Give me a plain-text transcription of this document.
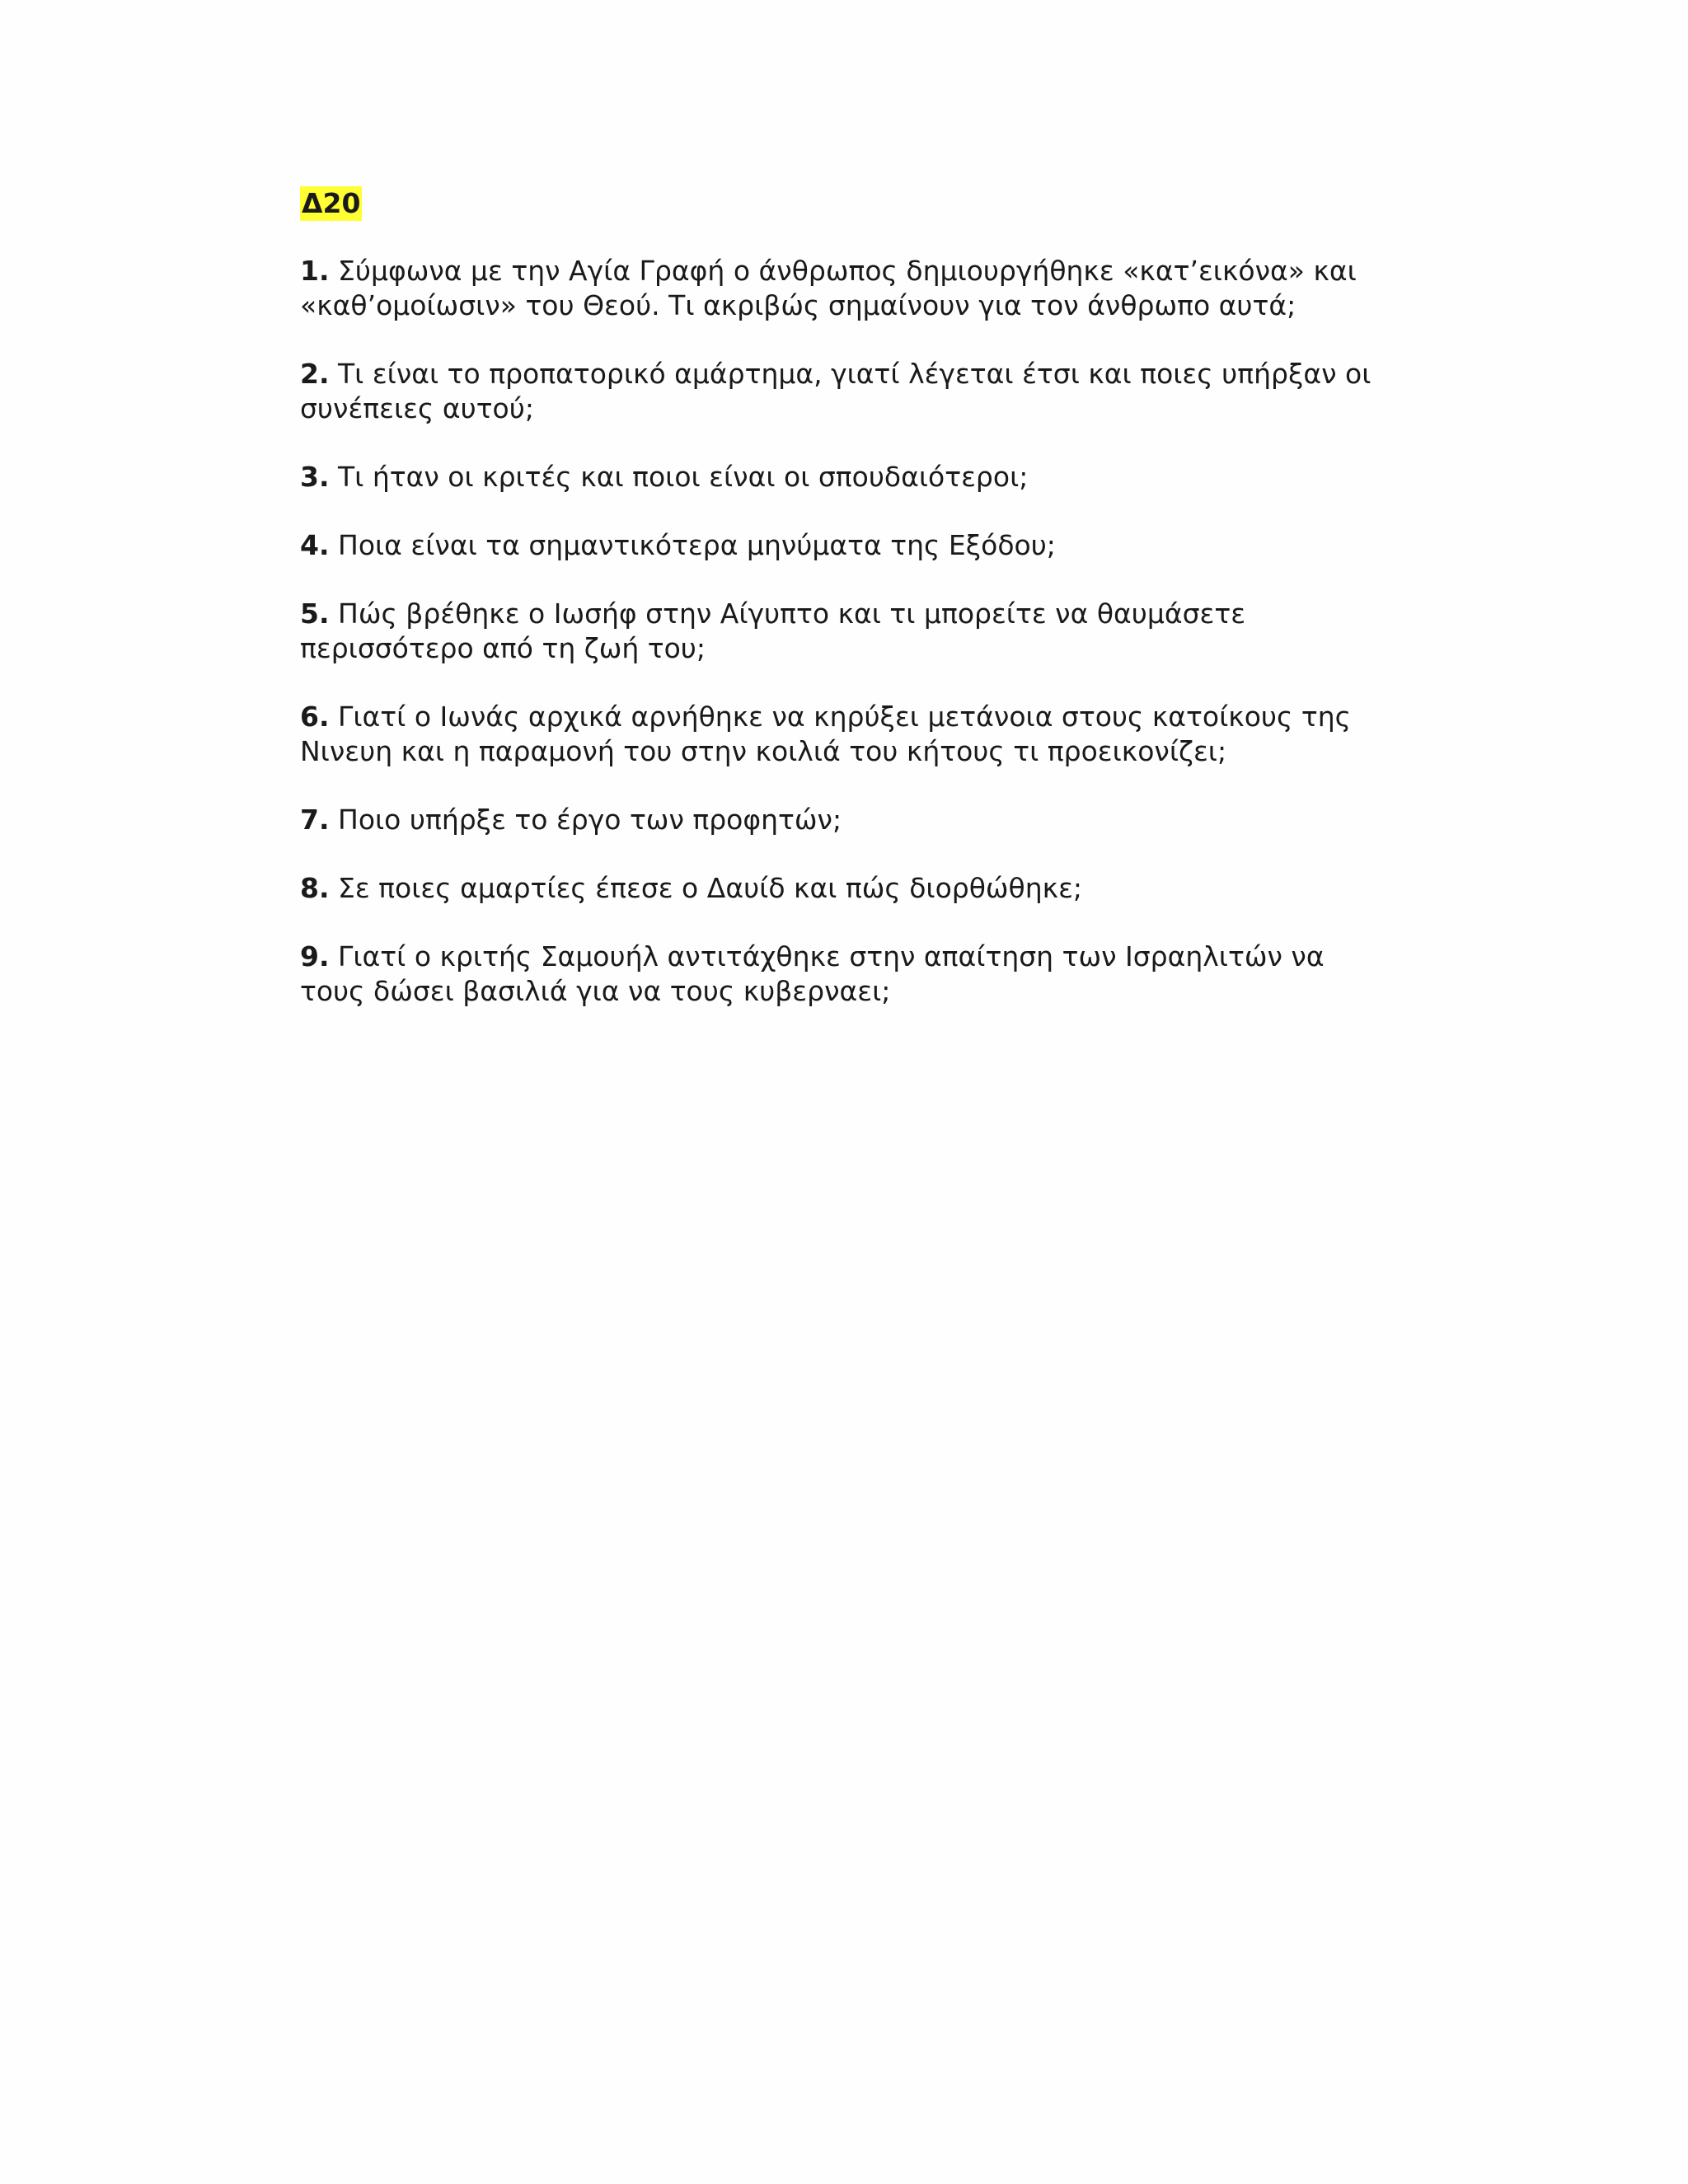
Δ20

1. Σύμφωνα με την Αγία Γραφή ο άνθρωπος δημιουργήθηκε «κατ’εικόνα» και «καθ’ομοίωσιν» του Θεού. Τι ακριβώς σημαίνουν για τον άνθρωπο αυτά;

2. Τι είναι το προπατορικό αμάρτημα, γιατί λέγεται έτσι και ποιες υπήρξαν οι συνέπειες αυτού;

3. Τι ήταν οι κριτές και ποιοι είναι οι σπουδαιότεροι;

4. Ποια είναι τα σημαντικότερα μηνύματα της Εξόδου;

5. Πώς βρέθηκε ο Ιωσήφ στην Αίγυπτο και τι μπορείτε να θαυμάσετε περισσότερο από τη ζωή του;

6. Γιατί ο Ιωνάς αρχικά αρνήθηκε να κηρύξει μετάνοια στους κατοίκους της Νινευη και η παραμονή του στην κοιλιά του κήτους τι προεικονίζει;

7. Ποιο υπήρξε το έργο των προφητών;

8. Σε ποιες αμαρτίες έπεσε ο Δαυίδ και πώς διορθώθηκε;

9. Γιατί ο κριτής Σαμουήλ αντιτάχθηκε στην απαίτηση των Ισραηλιτών να τους δώσει βασιλιά για να τους κυβερναει;
